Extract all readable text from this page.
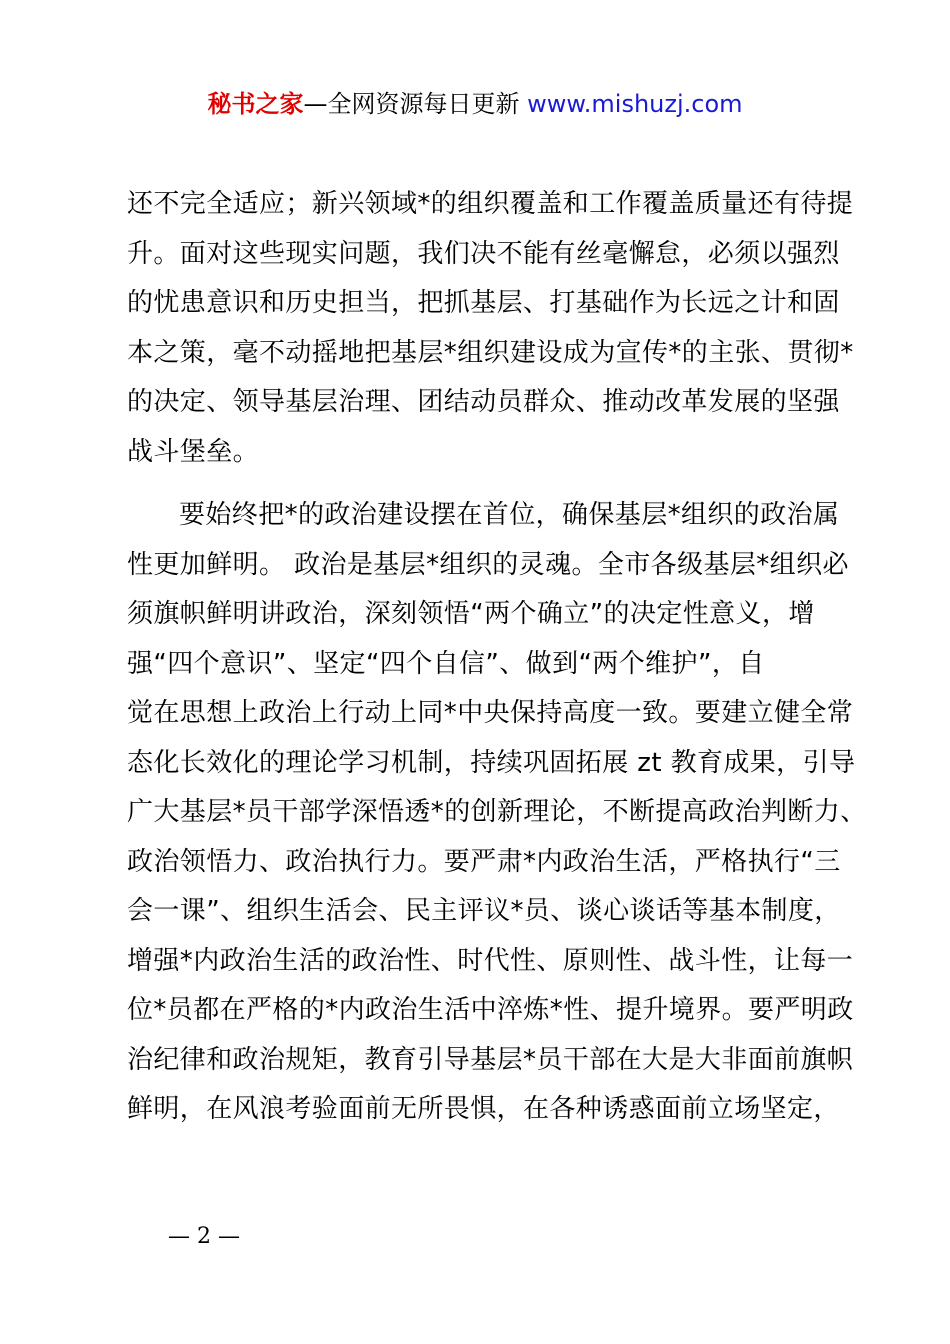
秘书之家—全网资源每日更新 www.mishuzj.com
还不完全适应；新兴领域*的组织覆盖和工作覆盖质量还有待提
升。面对这些现实问题，我们决不能有丝毫懈怠，必须以强烈
的忧患意识和历史担当，把抓基层、打基础作为长远之计和固
本之策，毫不动摇地把基层*组织建设成为宣传*的主张、贯彻*
的决定、领导基层治理、团结动员群众、推动改革发展的坚强
战斗堡垒。
要始终把*的政治建设摆在首位，确保基层*组织的政治属
性更加鲜明。 政治是基层*组织的灵魂。全市各级基层*组织必
须旗帜鲜明讲政治，深刻领悟“两个确立”的决定性意义，增
强“四个意识”、坚定“四个自信”、做到“两个维护”，自
觉在思想上政治上行动上同*中央保持高度一致。要建立健全常
态化长效化的理论学习机制，持续巩固拓展 zt 教育成果，引导
广大基层*员干部学深悟透*的创新理论，不断提高政治判断力、
政治领悟力、政治执行力。要严肃*内政治生活，严格执行“三
会一课”、组织生活会、民主评议*员、谈心谈话等基本制度，
增强*内政治生活的政治性、时代性、原则性、战斗性，让每一
位*员都在严格的*内政治生活中淬炼*性、提升境界。要严明政
治纪律和政治规矩，教育引导基层*员干部在大是大非面前旗帜
鲜明，在风浪考验面前无所畏惧，在各种诱惑面前立场坚定，
— 2 —
